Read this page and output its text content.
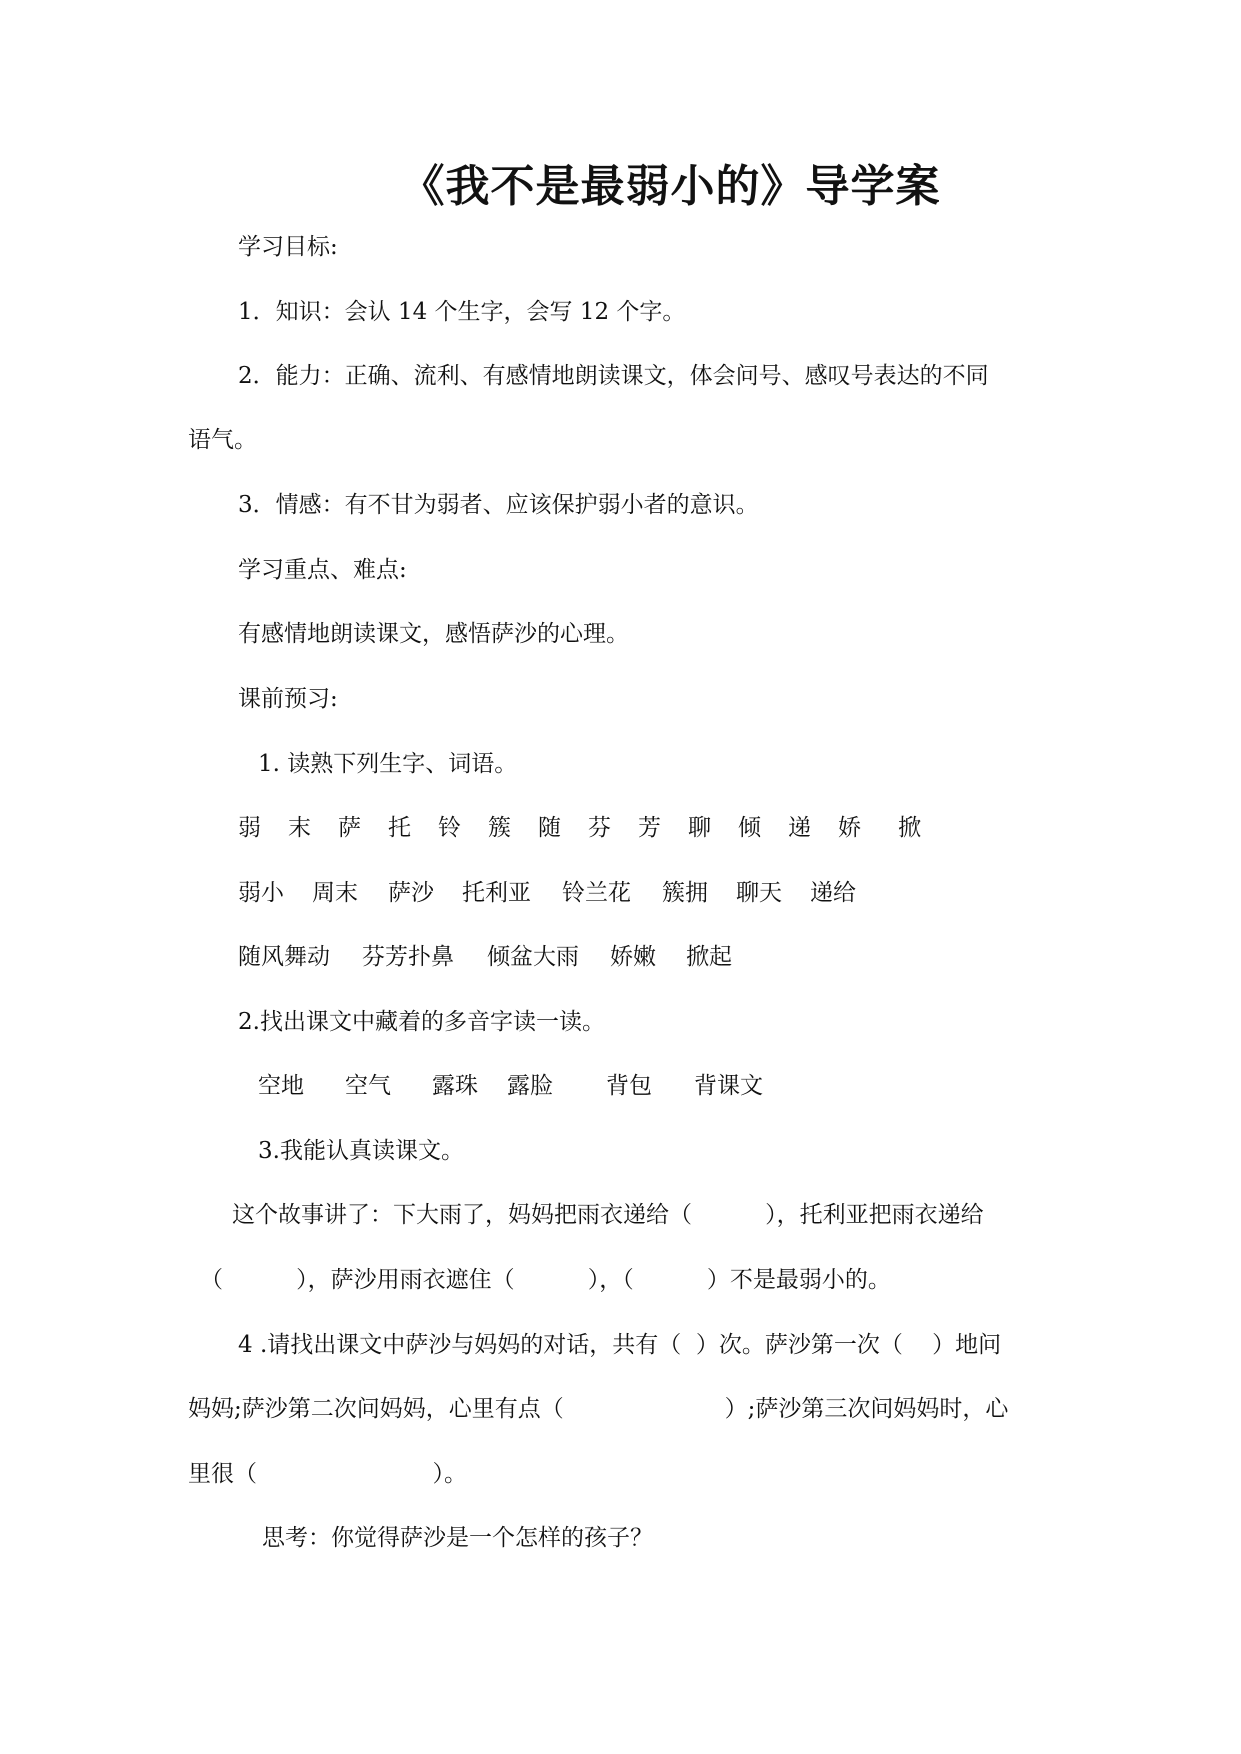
《我不是最弱小的》导学案
学习目标:
1．知识：会认 14 个生字，会写 12 个字。
2．能力：正确、流利、有感情地朗读课文，体会问号、感叹号表达的不同
语气。
3．情感：有不甘为弱者、应该保护弱小者的意识。
学习重点、难点:
有感情地朗读课文，感悟萨沙的心理。
课前预习:
1. 读熟下列生字、词语。
弱 末 萨 托 铃 簇 随 芬 芳 聊 倾 递 娇 掀
弱小 周末 萨沙 托利亚 铃兰花 簇拥 聊天 递给
随风舞动 芬芳扑鼻 倾盆大雨 娇嫩 掀起
2.找出课文中藏着的多音字读一读。
空地 空气 露珠 露脸 背包 背课文
3.我能认真读课文。
这个故事讲了：下大雨了，妈妈把雨衣递给（          ），托利亚把雨衣递给
（          ），萨沙用雨衣遮住（          ），（          ）不是最弱小的。
4 .请找出课文中萨沙与妈妈的对话，共有（  ）次。萨沙第一次（    ）地问
妈妈;萨沙第二次问妈妈，心里有点（                      ）;萨沙第三次问妈妈时，心
里很（                        ）。
思考：你觉得萨沙是一个怎样的孩子？
